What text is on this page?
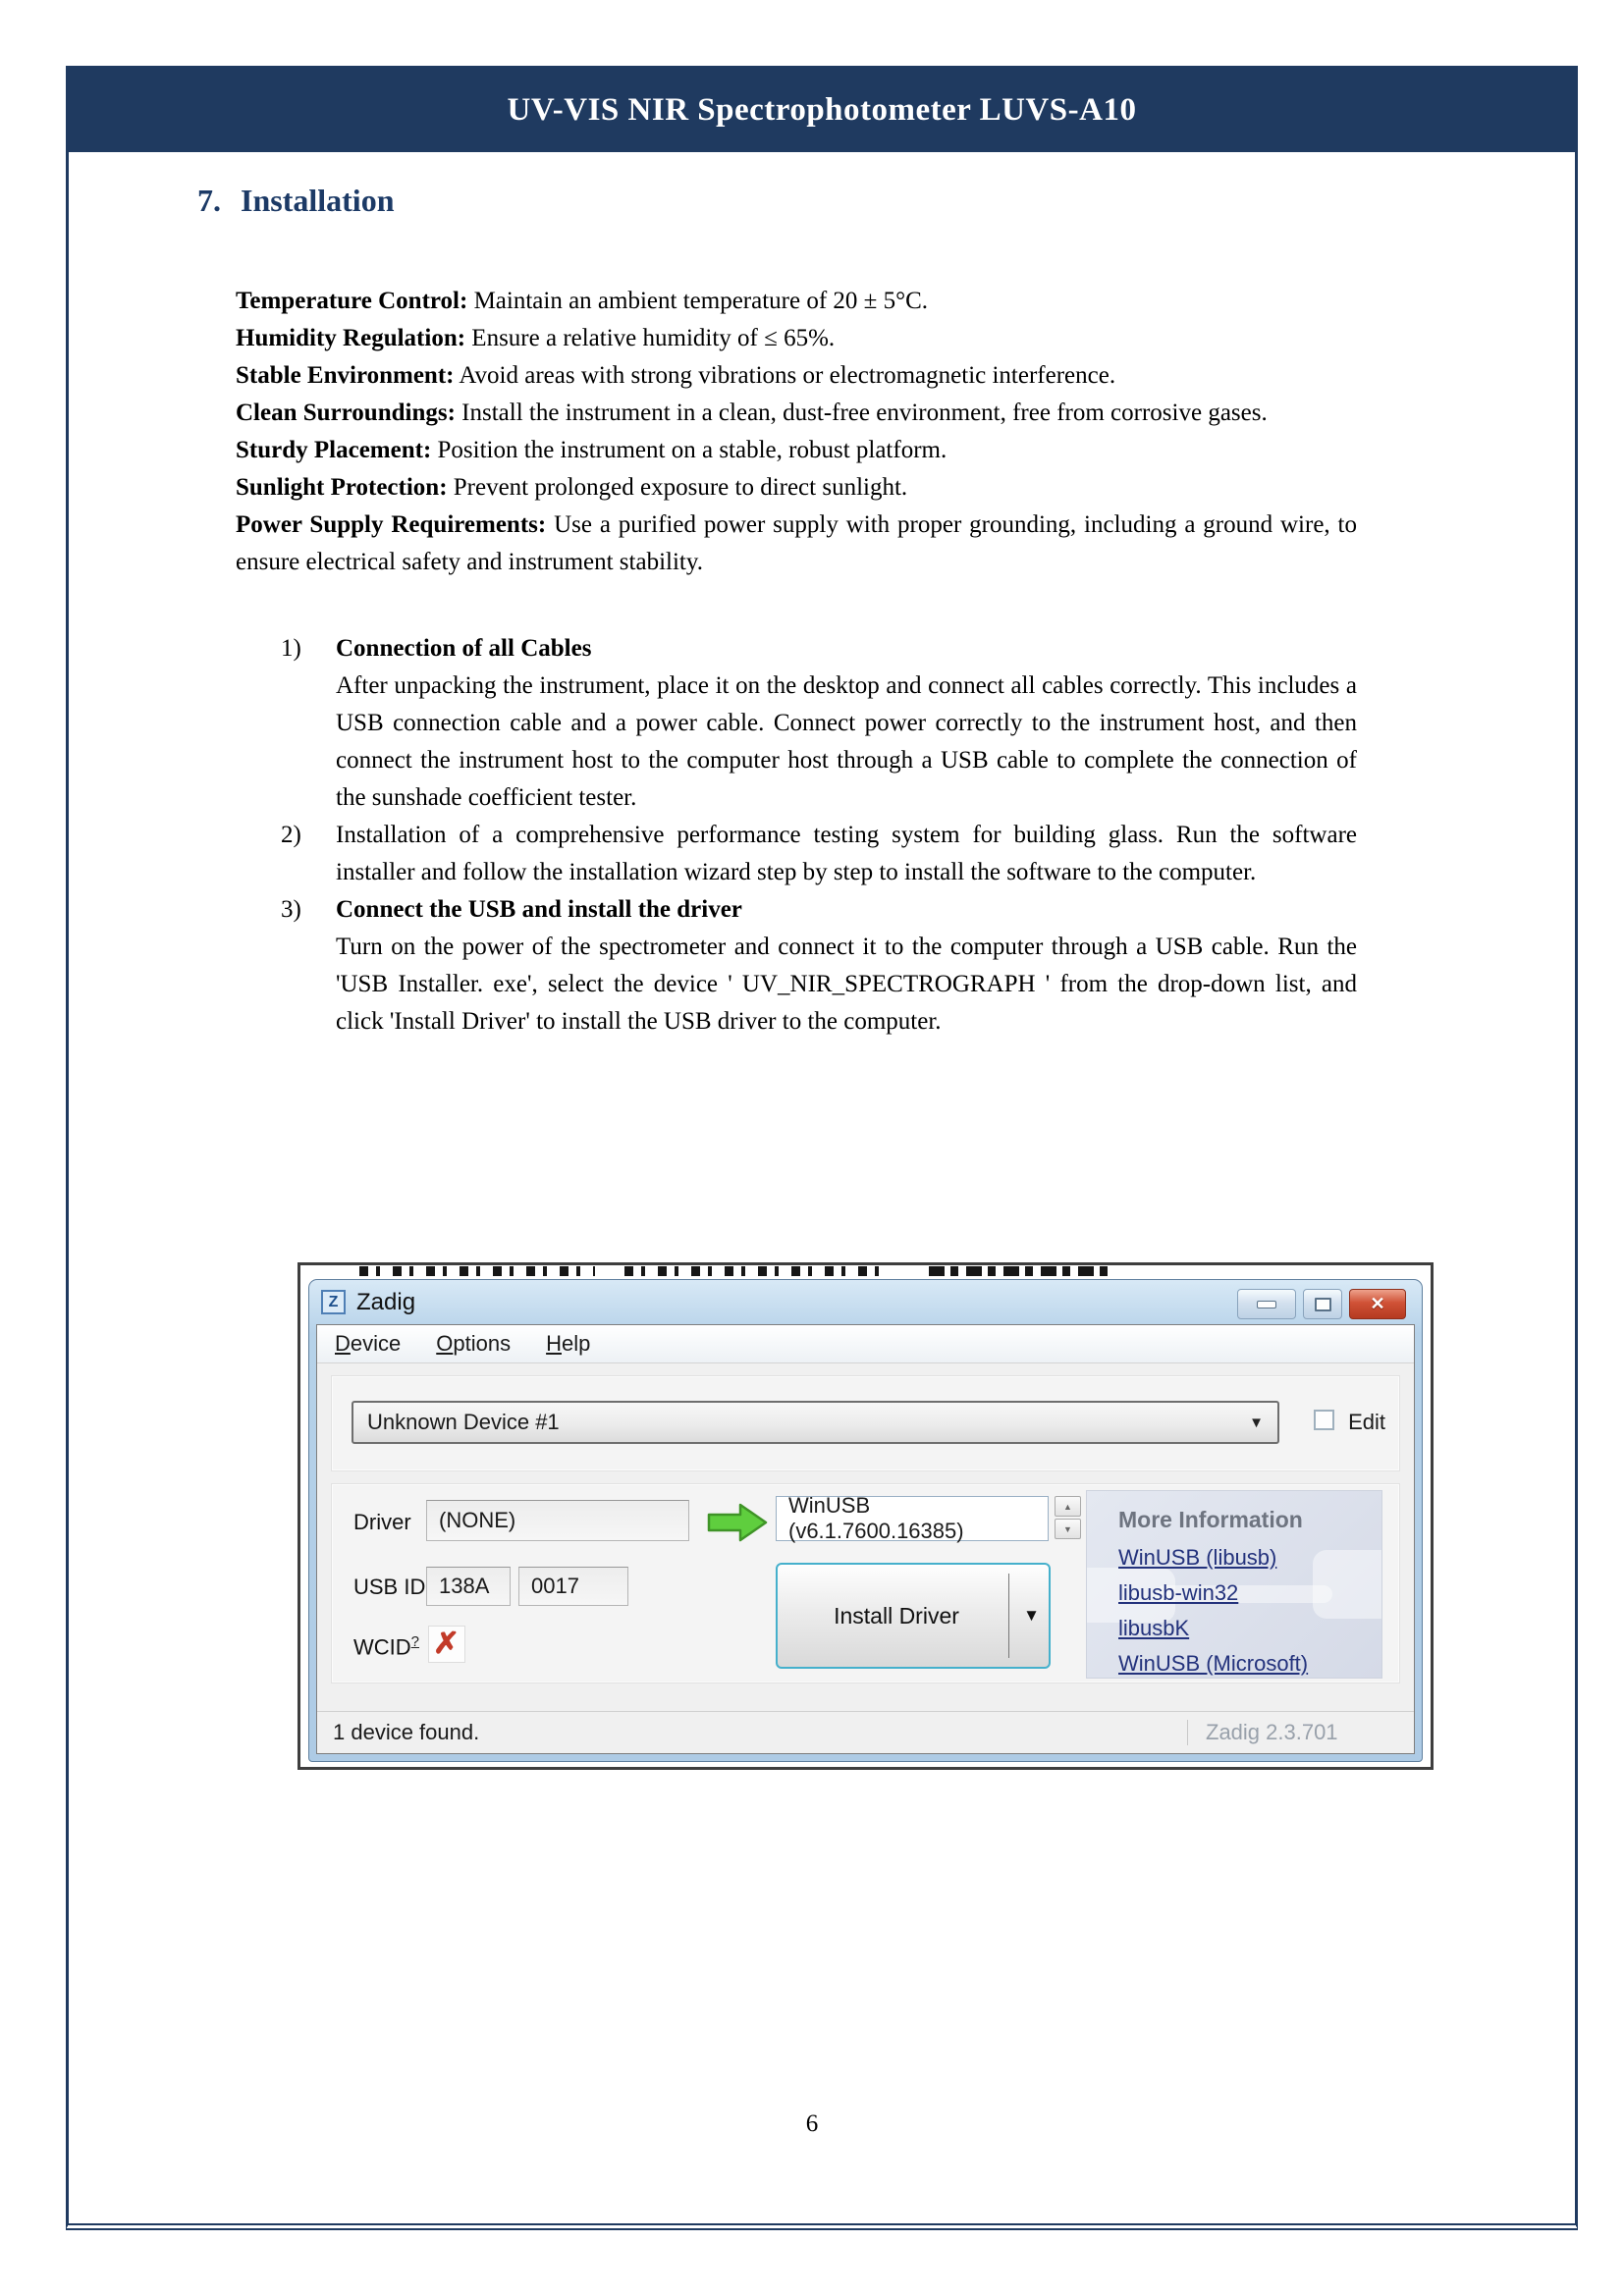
UV-VIS NIR Spectrophotometer LUVS-A10
7. Installation

Temperature Control: Maintain an ambient temperature of 20 ± 5°C.

Humidity Regulation: Ensure a relative humidity of ≤ 65%.

Stable Environment: Avoid areas with strong vibrations or electromagnetic interference.

Clean Surroundings: Install the instrument in a clean, dust-free environment, free from corrosive gases.

Sturdy Placement: Position the instrument on a stable, robust platform.

Sunlight Protection: Prevent prolonged exposure to direct sunlight.

Power Supply Requirements: Use a purified power supply with proper grounding, including a ground wire, to ensure electrical safety and instrument stability.

1)	Connection of all Cables
After unpacking the instrument, place it on the desktop and connect all cables correctly. This includes a USB connection cable and a power cable. Connect power correctly to the instrument host, and then connect the instrument host to the computer host through a USB cable to complete the connection of the sunshade coefficient tester.
2)	Installation of a comprehensive performance testing system for building glass. Run the software installer and follow the installation wizard step by step to install the software to the computer.
3)	Connect the USB and install the driver
Turn on the power of the spectrometer and connect it to the computer through a USB cable. Run the 'USB Installer. exe', select the device ' UV_NIR_SPECTROGRAPH ' from the drop-down list, and click 'Install Driver' to install the USB driver to the computer.
Z Zadig	✕
Device Options Help
Unknown Device #1	▼	Edit
Driver (NONE)
USB ID 138A 0017
WCID? ✗
WinUSB (v6.1.7600.16385)
▲
▼
Install Driver	▼

More Information

WinUSB (libusb)
libusb-win32
libusbK
WinUSB (Microsoft)
1 device found.	Zadig 2.3.701
6
